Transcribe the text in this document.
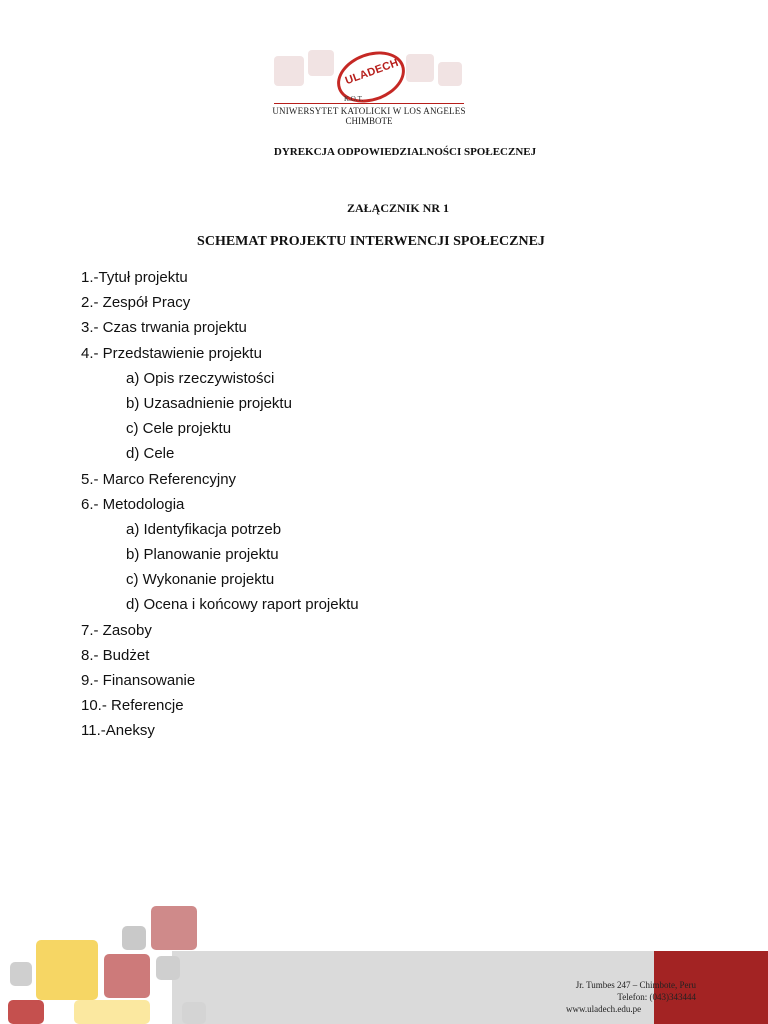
ULADECH
K.O.T.
UNIWERSYTET KATOLICKI W LOS ANGELES
CHIMBOTE
DYREKCJA ODPOWIEDZIALNOŚCI SPOŁECZNEJ
ZAŁĄCZNIK NR 1
SCHEMAT PROJEKTU INTERWENCJI SPOŁECZNEJ
1.-Tytuł projektu
2.- Zespół Pracy
3.- Czas trwania projektu
4.- Przedstawienie projektu
a) Opis rzeczywistości
b) Uzasadnienie projektu
c) Cele projektu
d) Cele
5.- Marco Referencyjny
6.- Metodologia
a) Identyfikacja potrzeb
b) Planowanie projektu
c) Wykonanie projektu
d) Ocena i końcowy raport projektu
7.- Zasoby
8.- Budżet
9.- Finansowanie
10.- Referencje
11.-Aneksy
Jr. Tumbes 247 – Chimbote, Peru
Telefon: (043)343444
www.uladech.edu.pe
